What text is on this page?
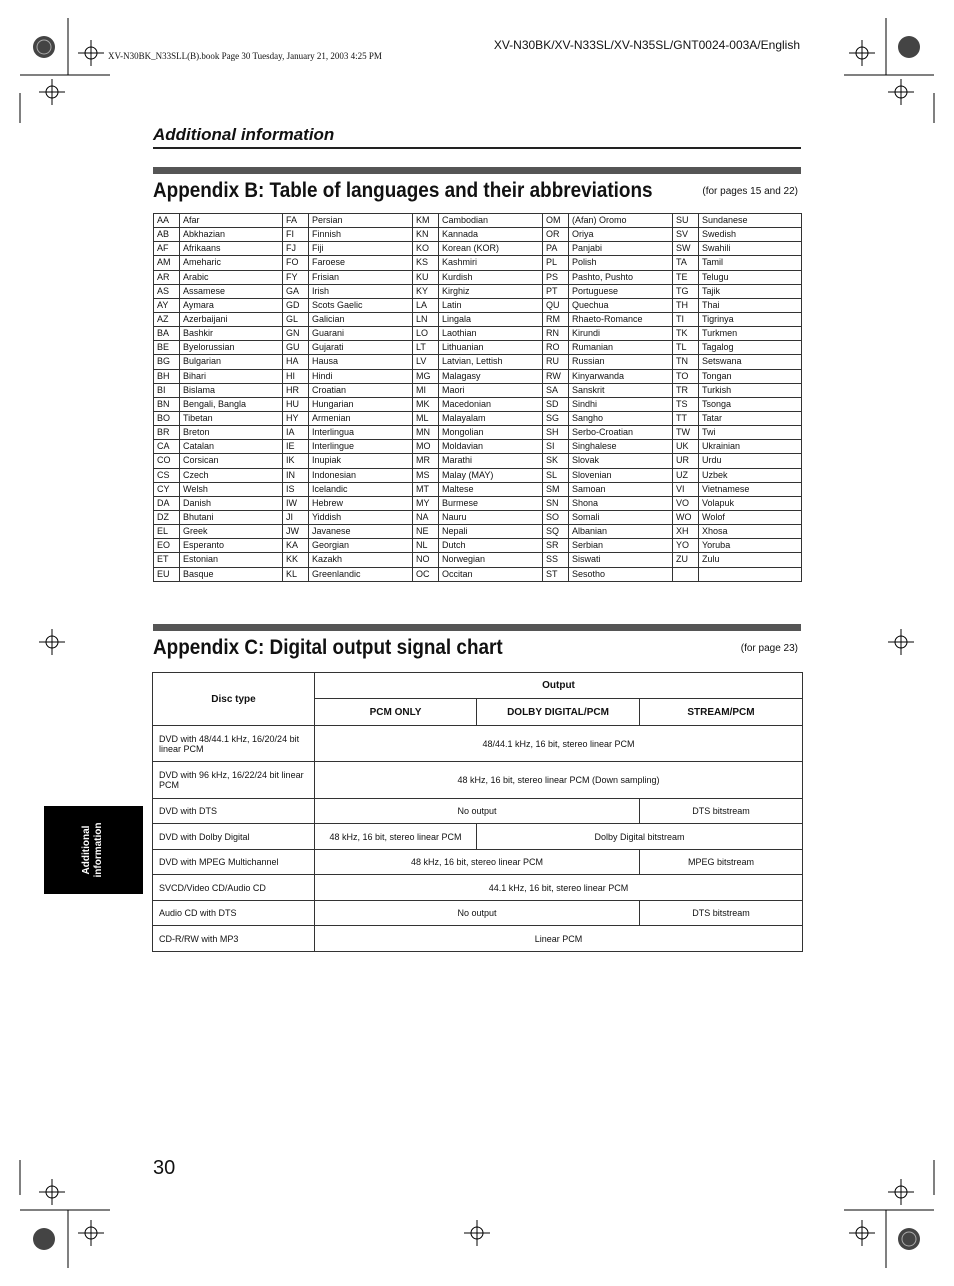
XV-N30BK_N33SLL(B).book Page 30 Tuesday, January 21, 2003 4:25 PM
XV-N30BK/XV-N33SL/XV-N35SL/GNT0024-003A/English
Additional information
Appendix B: Table of languages and their abbreviations	(for pages 15 and 22)
AA	Afar	FA	Persian	KM	Cambodian	OM	(Afan) Oromo	SU	Sundanese
AB	Abkhazian	FI	Finnish	KN	Kannada	OR	Oriya	SV	Swedish
AF	Afrikaans	FJ	Fiji	KO	Korean (KOR)	PA	Panjabi	SW	Swahili
AM	Ameharic	FO	Faroese	KS	Kashmiri	PL	Polish	TA	Tamil
AR	Arabic	FY	Frisian	KU	Kurdish	PS	Pashto, Pushto	TE	Telugu
AS	Assamese	GA	Irish	KY	Kirghiz	PT	Portuguese	TG	Tajik
AY	Aymara	GD	Scots Gaelic	LA	Latin	QU	Quechua	TH	Thai
AZ	Azerbaijani	GL	Galician	LN	Lingala	RM	Rhaeto-Romance	TI	Tigrinya
BA	Bashkir	GN	Guarani	LO	Laothian	RN	Kirundi	TK	Turkmen
BE	Byelorussian	GU	Gujarati	LT	Lithuanian	RO	Rumanian	TL	Tagalog
BG	Bulgarian	HA	Hausa	LV	Latvian, Lettish	RU	Russian	TN	Setswana
BH	Bihari	HI	Hindi	MG	Malagasy	RW	Kinyarwanda	TO	Tongan
BI	Bislama	HR	Croatian	MI	Maori	SA	Sanskrit	TR	Turkish
BN	Bengali, Bangla	HU	Hungarian	MK	Macedonian	SD	Sindhi	TS	Tsonga
BO	Tibetan	HY	Armenian	ML	Malayalam	SG	Sangho	TT	Tatar
BR	Breton	IA	Interlingua	MN	Mongolian	SH	Serbo-Croatian	TW	Twi
CA	Catalan	IE	Interlingue	MO	Moldavian	SI	Singhalese	UK	Ukrainian
CO	Corsican	IK	Inupiak	MR	Marathi	SK	Slovak	UR	Urdu
CS	Czech	IN	Indonesian	MS	Malay (MAY)	SL	Slovenian	UZ	Uzbek
CY	Welsh	IS	Icelandic	MT	Maltese	SM	Samoan	VI	Vietnamese
DA	Danish	IW	Hebrew	MY	Burmese	SN	Shona	VO	Volapuk
DZ	Bhutani	JI	Yiddish	NA	Nauru	SO	Somali	WO	Wolof
EL	Greek	JW	Javanese	NE	Nepali	SQ	Albanian	XH	Xhosa
EO	Esperanto	KA	Georgian	NL	Dutch	SR	Serbian	YO	Yoruba
ET	Estonian	KK	Kazakh	NO	Norwegian	SS	Siswati	ZU	Zulu
EU	Basque	KL	Greenlandic	OC	Occitan	ST	Sesotho		
Appendix C: Digital output signal chart	(for page 23)
Disc type	Output		
	PCM ONLY	DOLBY DIGITAL/PCM	STREAM/PCM
DVD with 48/44.1 kHz, 16/20/24 bit linear PCM	48/44.1 kHz, 16 bit, stereo linear PCM		
DVD with 96 kHz, 16/22/24 bit linear PCM	48 kHz, 16 bit, stereo linear PCM (Down sampling)		
DVD with DTS	No output		DTS bitstream
DVD with Dolby Digital	48 kHz, 16 bit, stereo linear PCM	Dolby Digital bitstream	
DVD with MPEG Multichannel	48 kHz, 16 bit, stereo linear PCM		MPEG bitstream
SVCD/Video CD/Audio CD	44.1 kHz, 16 bit, stereo linear PCM		
Audio CD with DTS	No output		DTS bitstream
CD-R/RW with MP3	Linear PCM		
Additional
information
30
